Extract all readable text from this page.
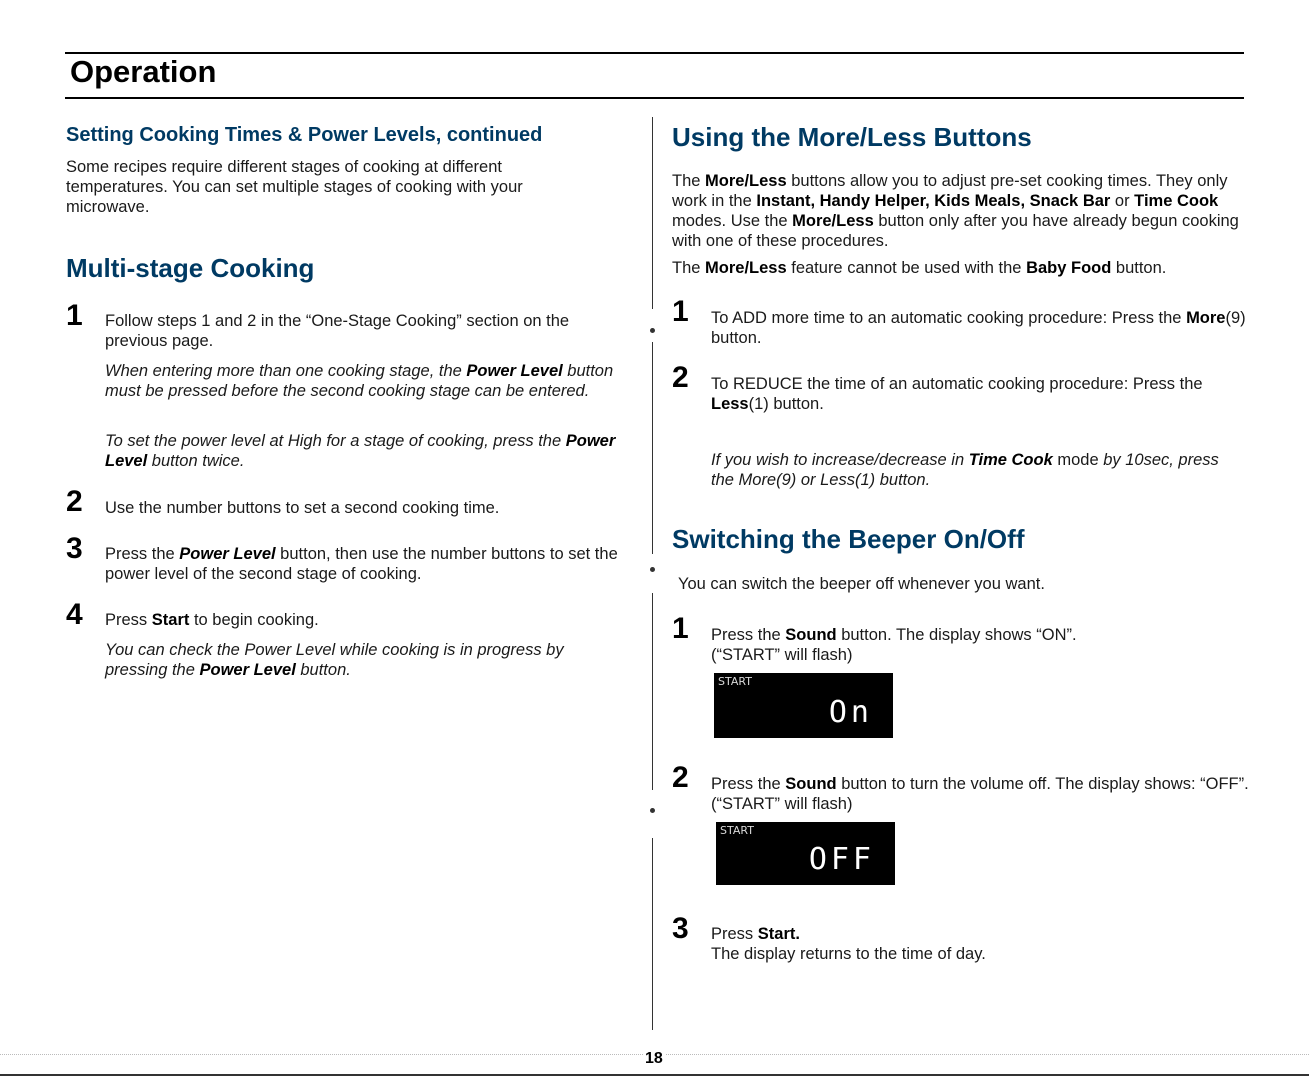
Operation
Setting Cooking Times & Power Levels, continued
Some recipes require different stages of cooking at different temperatures. You can set multiple stages of cooking with your microwave.
Multi-stage Cooking
1 Follow steps 1 and 2 in the “One-Stage Cooking” section on the previous page.
When entering more than one cooking stage, the Power Level button must be pressed before the second cooking stage can be entered.
To set the power level at High for a stage of cooking, press the Power Level button twice.
2 Use the number buttons to set a second cooking time.
3 Press the Power Level button, then use the number buttons to set the power level of the second stage of cooking.
4 Press Start to begin cooking.
You can check the Power Level while cooking is in progress by pressing the Power Level button.
Using the More/Less Buttons
The More/Less buttons allow you to adjust pre-set cooking times. They only work in the Instant, Handy Helper, Kids Meals, Snack Bar or Time Cook modes. Use the More/Less button only after you have already begun cooking with one of these procedures.
The More/Less feature cannot be used with the Baby Food button.
1 To ADD more time to an automatic cooking procedure: Press the More(9) button.
2 To REDUCE the time of an automatic cooking procedure: Press the Less(1) button.
If you wish to increase/decrease in Time Cook mode by 10sec, press the More(9) or Less(1) button.
Switching the Beeper On/Off
You can switch the beeper off whenever you want.
1 Press the Sound button. The display shows “ON”.
(“START” will flash)
START
On
2 Press the Sound button to turn the volume off. The display shows: “OFF”.(“START” will flash)
START
OFF
3 Press Start.
The display returns to the time of day.
18
